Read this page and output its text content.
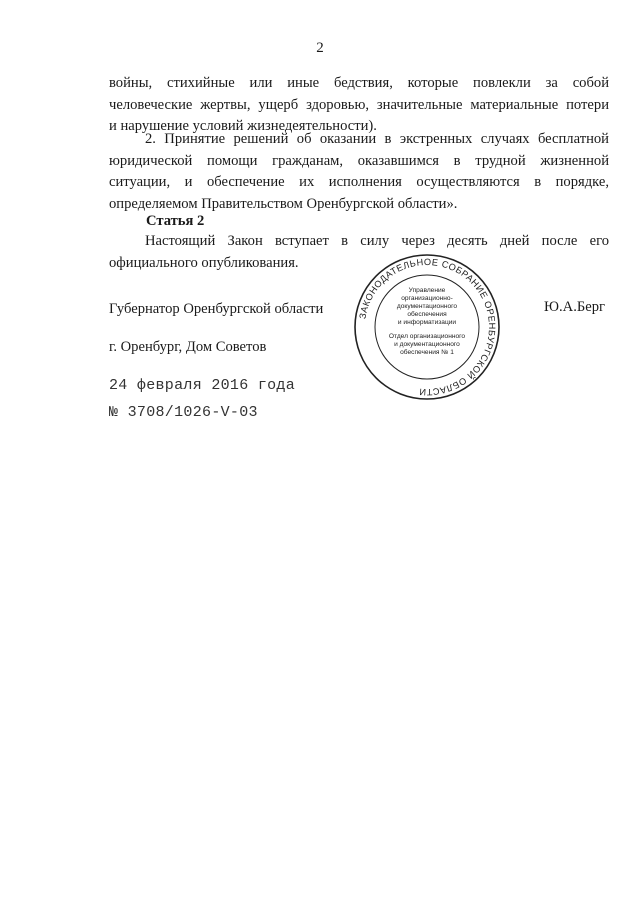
2
войны, стихийные или иные бедствия, которые повлекли за собой
человеческие жертвы, ущерб здоровью, значительные материальные потери
и нарушение условий жизнедеятельности).
2. Принятие решений об оказании в экстренных случаях бесплатной
юридической помощи гражданам, оказавшимся в трудной жизненной
ситуации, и обеспечение их исполнения осуществляются в порядке,
определяемом Правительством Оренбургской области».
Статья 2
Настоящий Закон вступает в силу через десять дней после его
официального опубликования.
Губернатор Оренбургской области	Ю.А.Берг
г. Оренбург, Дом Советов
24 февраля 2016 года
№ 3708/1026-V-03
ЗАКОНОДАТЕЛЬНОЕ СОБРАНИЕ ОРЕНБУРГСКОЙ ОБЛАСТИ
Управление
организационно-
документационного
обеспечения
и информатизации
Отдел организационного
и документационного
обеспечения № 1
